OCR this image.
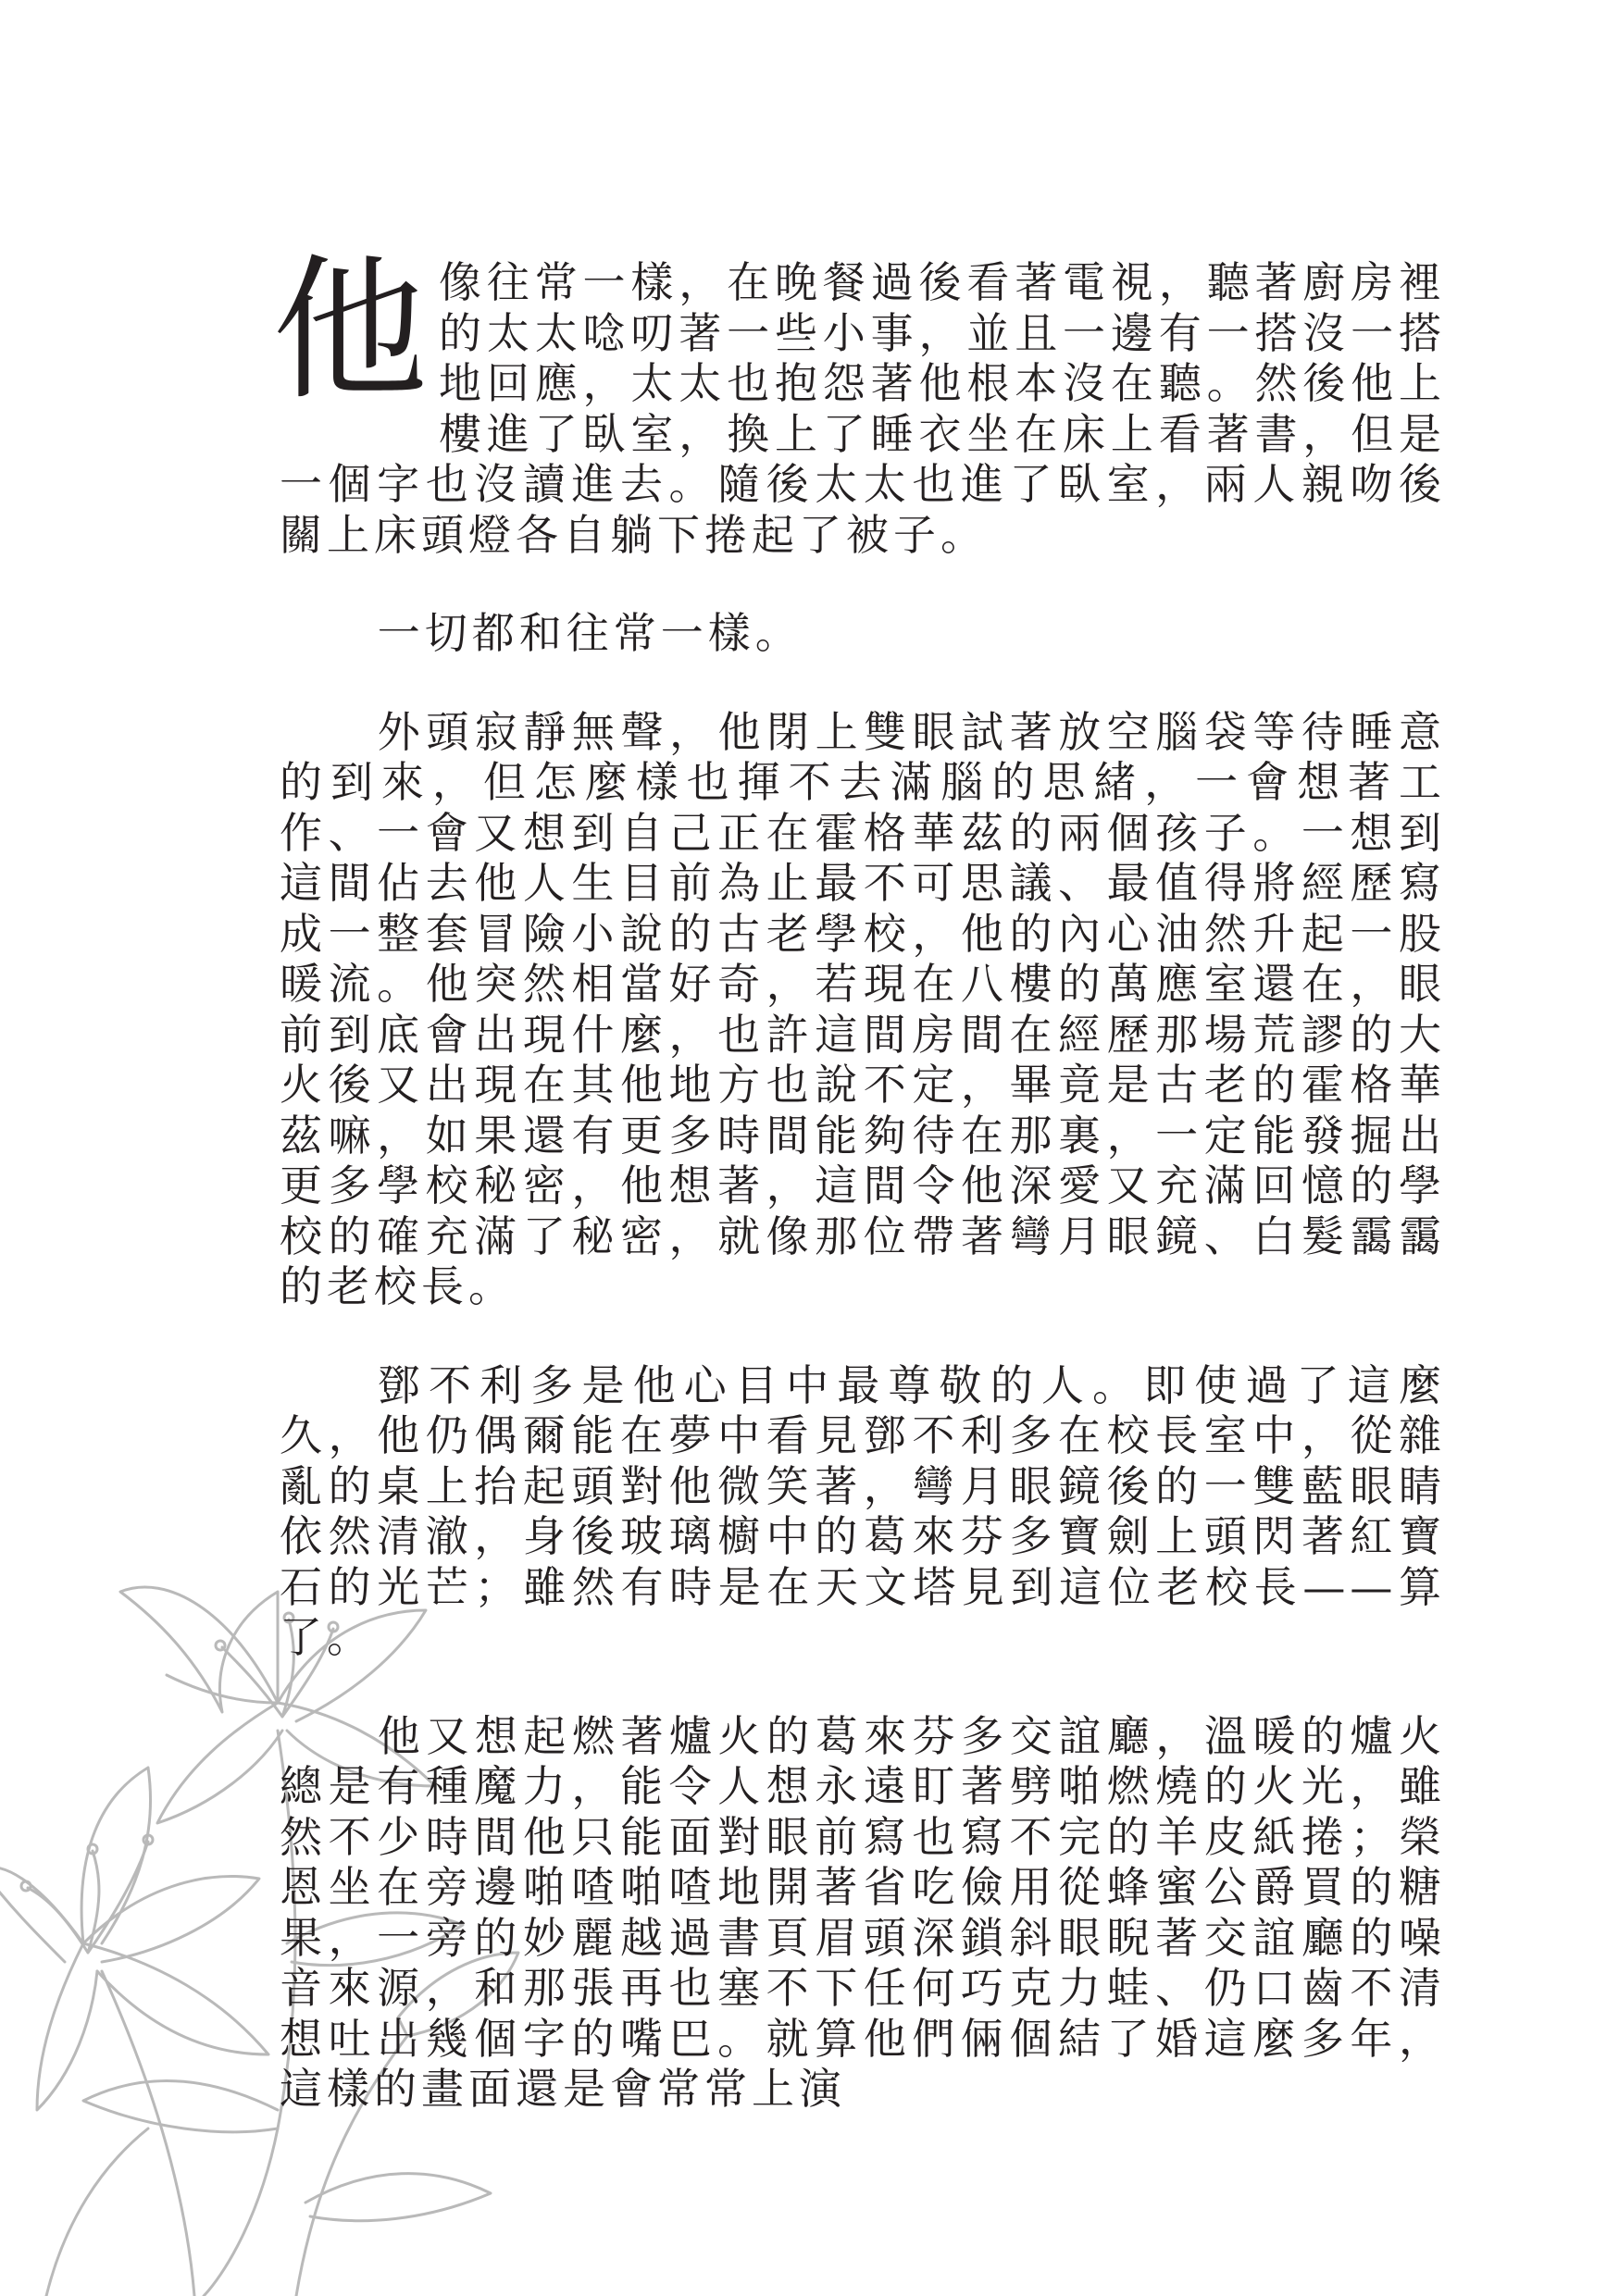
他像往常一樣，在晚餐過後看著電視，聽著廚房裡的太太唸叨著一些小事，並且一邊有一搭沒一搭地回應，太太也抱怨著他根本沒在聽。然後他上樓進了臥室，換上了睡衣坐在床上看著書，但是一個字也沒讀進去。隨後太太也進了臥室，兩人親吻後關上床頭燈各自躺下捲起了被子。

一切都和往常一樣。

外頭寂靜無聲，他閉上雙眼試著放空腦袋等待睡意的到來，但怎麼樣也揮不去滿腦的思緒，一會想著工作、一會又想到自己正在霍格華茲的兩個孩子。一想到這間佔去他人生目前為止最不可思議、最值得將經歷寫成一整套冒險小說的古老學校，他的內心油然升起一股暖流。他突然相當好奇，若現在八樓的萬應室還在，眼前到底會出現什麼，也許這間房間在經歷那場荒謬的大火後又出現在其他地方也說不定，畢竟是古老的霍格華茲嘛，如果還有更多時間能夠待在那裏，一定能發掘出更多學校秘密，他想著，這間令他深愛又充滿回憶的學校的確充滿了秘密，就像那位帶著彎月眼鏡、白髮靄靄的老校長。

鄧不利多是他心目中最尊敬的人。即使過了這麼久，他仍偶爾能在夢中看見鄧不利多在校長室中，從雜亂的桌上抬起頭對他微笑著，彎月眼鏡後的一雙藍眼睛依然清澈，身後玻璃櫥中的葛來芬多寶劍上頭閃著紅寶石的光芒；雖然有時是在天文塔見到這位老校長——算了。

他又想起燃著爐火的葛來芬多交誼廳，溫暖的爐火總是有種魔力，能令人想永遠盯著劈啪燃燒的火光，雖然不少時間他只能面對眼前寫也寫不完的羊皮紙捲；榮恩坐在旁邊啪喳啪喳地開著省吃儉用從蜂蜜公爵買的糖果，一旁的妙麗越過書頁眉頭深鎖斜眼睨著交誼廳的噪音來源，和那張再也塞不下任何巧克力蛙、仍口齒不清想吐出幾個字的嘴巴。就算他們倆個結了婚這麼多年，這樣的畫面還是會常常上演
